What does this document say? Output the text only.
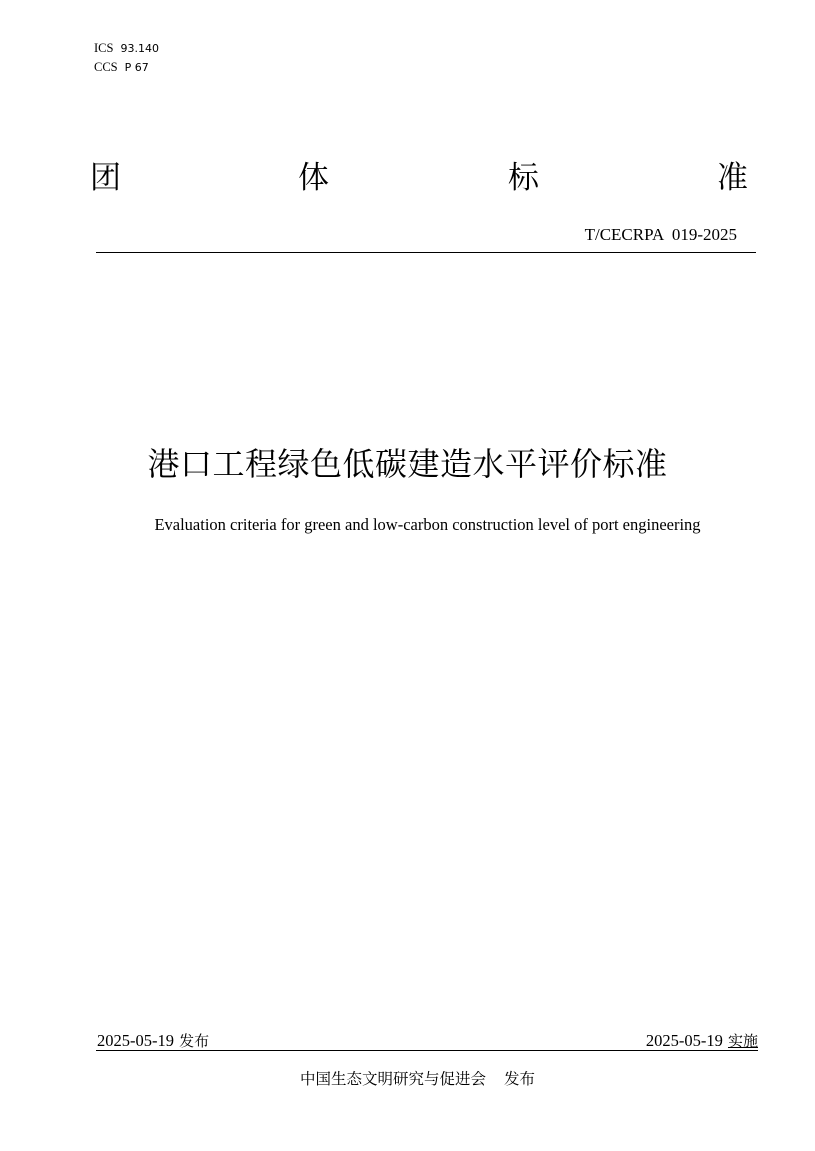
ICS 93.140
CCS P 67
团	体	标	准
T/CECRPA  019-2025
港口工程绿色低碳建造水平评价标准
Evaluation criteria for green and low-carbon construction level of port engineering
2025-05-19 发布	2025-05-19 实施
中国生态文明研究与促进会 发布
